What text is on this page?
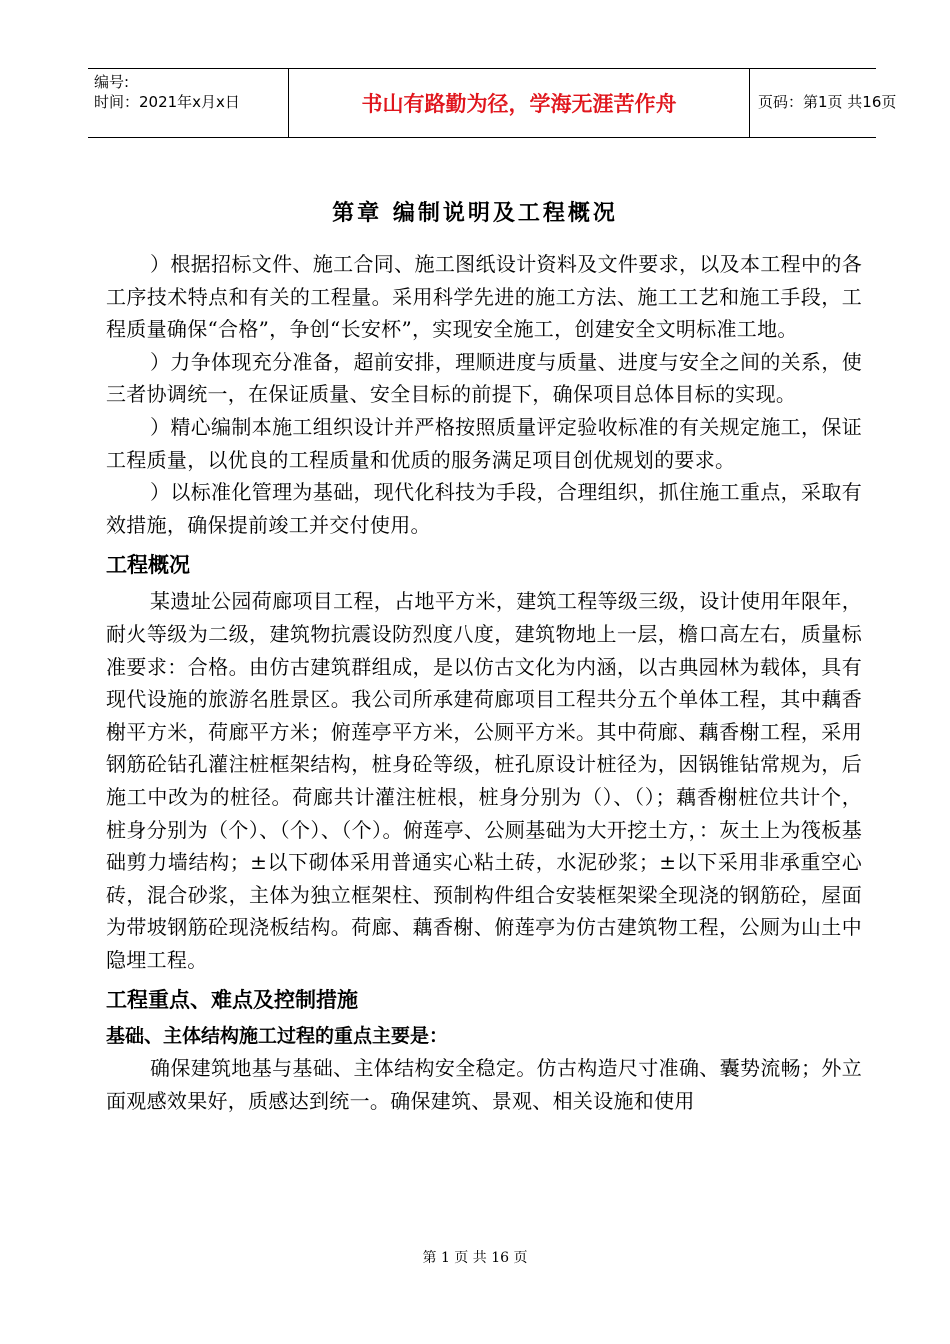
编号:
时间：2021年x月x日	书山有路勤为径，学海无涯苦作舟	页码：第1页 共16页
第章 编制说明及工程概况

）根据招标文件、施工合同、施工图纸设计资料及文件要求，以及本工程中的各工序技术特点和有关的工程量。采用科学先进的施工方法、施工工艺和施工手段，工程质量确保“合格”，争创“长安杯”，实现安全施工，创建安全文明标准工地。

）力争体现充分准备，超前安排，理顺进度与质量、进度与安全之间的关系，使三者协调统一，在保证质量、安全目标的前提下，确保项目总体目标的实现。

）精心编制本施工组织设计并严格按照质量评定验收标准的有关规定施工，保证工程质量，以优良的工程质量和优质的服务满足项目创优规划的要求。

）以标准化管理为基础，现代化科技为手段，合理组织，抓住施工重点，采取有效措施，确保提前竣工并交付使用。

工程概况

某遗址公园荷廊项目工程，占地平方米，建筑工程等级三级，设计使用年限年，耐火等级为二级，建筑物抗震设防烈度八度，建筑物地上一层，檐口高左右，质量标准要求：合格。由仿古建筑群组成，是以仿古文化为内涵，以古典园林为载体，具有现代设施的旅游名胜景区。我公司所承建荷廊项目工程共分五个单体工程，其中藕香榭平方米，荷廊平方米；俯莲亭平方米，公厕平方米。其中荷廊、藕香榭工程，采用钢筋砼钻孔灌注桩框架结构，桩身砼等级，桩孔原设计桩径为，因锅锥钻常规为，后施工中改为的桩径。荷廊共计灌注桩根，桩身分别为（）、（）；藕香榭桩位共计个，桩身分别为（个）、（个）、（个）。俯莲亭、公厕基础为大开挖土方，：灰土上为筏板基础剪力墙结构；±以下砌体采用普通实心粘土砖，水泥砂浆；±以下采用非承重空心砖，混合砂浆，主体为独立框架柱、预制构件组合安装框架梁全现浇的钢筋砼，屋面为带坡钢筋砼现浇板结构。荷廊、藕香榭、俯莲亭为仿古建筑物工程，公厕为山土中隐埋工程。

工程重点、难点及控制措施
基础、主体结构施工过程的重点主要是：

确保建筑地基与基础、主体结构安全稳定。仿古构造尺寸准确、囊势流畅；外立面观感效果好，质感达到统一。确保建筑、景观、相关设施和使用

第 1 页 共 16 页
